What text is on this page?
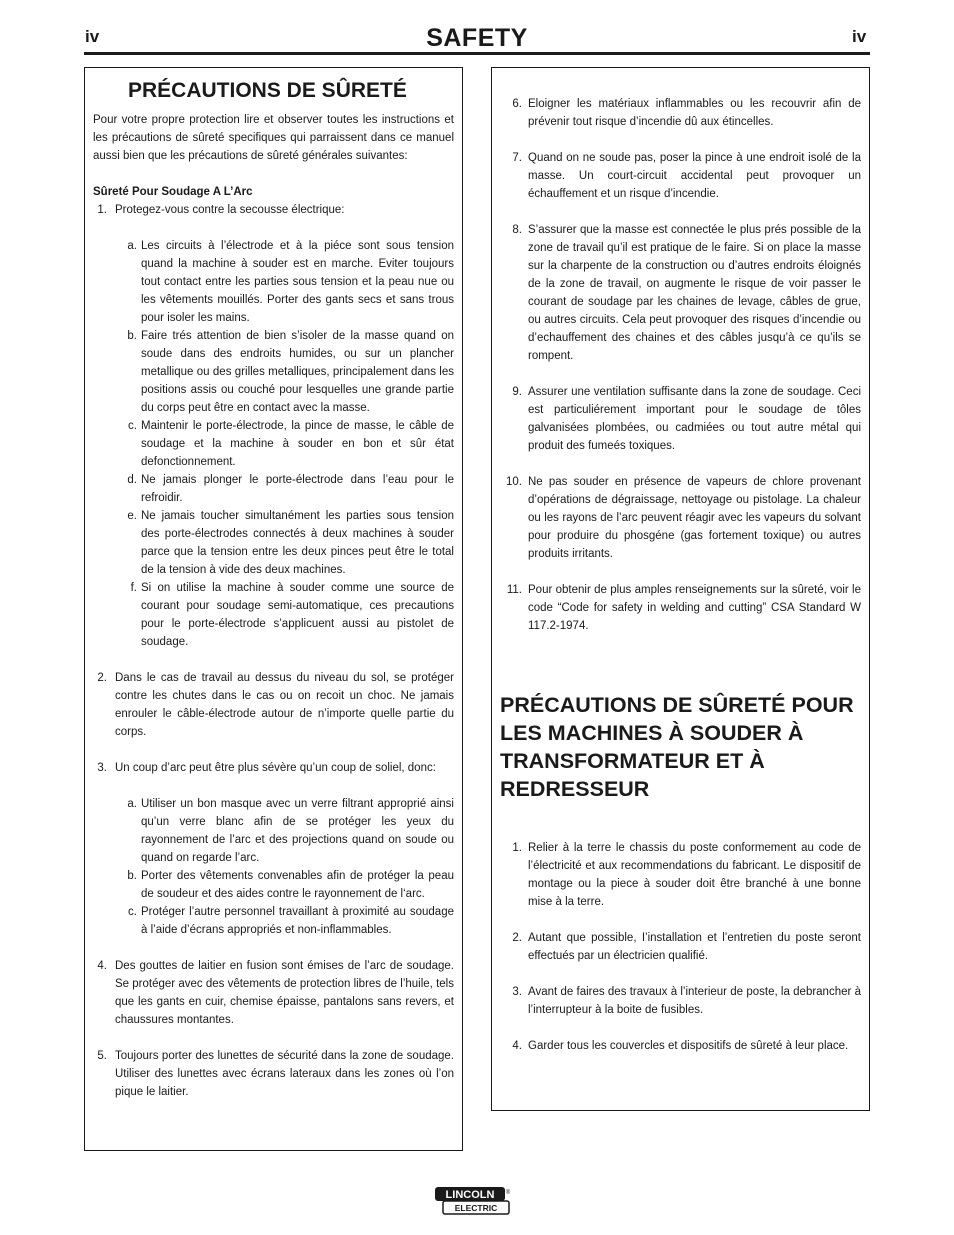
iv	SAFETY	iv
PRÉCAUTIONS DE SÛRETÉ

Pour votre propre protection lire et observer toutes les instructions et les précautions de sûreté specifiques qui parraissent dans ce manuel aussi bien que les précautions de sûreté générales suivantes:

Sûreté Pour Soudage A L’Arc
1. Protegez-vous contre la secousse électrique:
a. Les circuits à l’électrode et à la piéce sont sous tension quand la machine à souder est en marche. Eviter toujours tout contact entre les parties sous tension et la peau nue ou les vêtements mouillés. Porter des gants secs et sans trous pour isoler les mains.
b. Faire trés attention de bien s’isoler de la masse quand on soude dans des endroits humides, ou sur un plancher metallique ou des grilles metalliques, principalement dans les positions assis ou couché pour lesquelles une grande partie du corps peut être en contact avec la masse.
c. Maintenir le porte-électrode, la pince de masse, le câble de soudage et la machine à souder en bon et sûr état defonctionnement.
d. Ne jamais plonger le porte-électrode dans l’eau pour le refroidir.
e. Ne jamais toucher simultanément les parties sous tension des porte-électrodes connectés à deux machines à souder parce que la tension entre les deux pinces peut être le total de la tension à vide des deux machines.
f. Si on utilise la machine à souder comme une source de courant pour soudage semi-automatique, ces precautions pour le porte-électrode s’applicuent aussi au pistolet de soudage.
2. Dans le cas de travail au dessus du niveau du sol, se protéger contre les chutes dans le cas ou on recoit un choc. Ne jamais enrouler le câble-électrode autour de n’importe quelle partie du corps.
3. Un coup d’arc peut être plus sévère qu’un coup de soliel, donc:
a. Utiliser un bon masque avec un verre filtrant approprié ainsi qu’un verre blanc afin de se protéger les yeux du rayonnement de l’arc et des projections quand on soude ou quand on regarde l’arc.
b. Porter des vêtements convenables afin de protéger la peau de soudeur et des aides contre le rayonnement de l‘arc.
c. Protéger l’autre personnel travaillant à proximité au soudage à l’aide d’écrans appropriés et non-inflammables.
4. Des gouttes de laitier en fusion sont émises de l’arc de soudage. Se protéger avec des vêtements de protection libres de l’huile, tels que les gants en cuir, chemise épaisse, pantalons sans revers, et chaussures montantes.
5. Toujours porter des lunettes de sécurité dans la zone de soudage. Utiliser des lunettes avec écrans lateraux dans les zones où l’on pique le laitier.
6. Eloigner les matériaux inflammables ou les recouvrir afin de prévenir tout risque d’incendie dû aux étincelles.
7. Quand on ne soude pas, poser la pince à une endroit isolé de la masse. Un court-circuit accidental peut provoquer un échauffement et un risque d’incendie.
8. S’assurer que la masse est connectée le plus prés possible de la zone de travail qu’il est pratique de le faire. Si on place la masse sur la charpente de la construction ou d’autres endroits éloignés de la zone de travail, on augmente le risque de voir passer le courant de soudage par les chaines de levage, câbles de grue, ou autres circuits. Cela peut provoquer des risques d’incendie ou d’echauffement des chaines et des câbles jusqu’à ce qu’ils se rompent.
9. Assurer une ventilation suffisante dans la zone de soudage. Ceci est particuliérement important pour le soudage de tôles galvanisées plombées, ou cadmiées ou tout autre métal qui produit des fumeés toxiques.
10. Ne pas souder en présence de vapeurs de chlore provenant d’opérations de dégraissage, nettoyage ou pistolage. La chaleur ou les rayons de l’arc peuvent réagir avec les vapeurs du solvant pour produire du phosgéne (gas fortement toxique) ou autres produits irritants.
11. Pour obtenir de plus amples renseignements sur la sûreté, voir le code “Code for safety in welding and cutting” CSA Standard W 117.2-1974.
PRÉCAUTIONS DE SÛRETÉ POUR LES MACHINES À SOUDER À TRANSFORMATEUR ET À REDRESSEUR
1. Relier à la terre le chassis du poste conformement au code de l’électricité et aux recommendations du fabricant. Le dispositif de montage ou la piece à souder doit être branché à une bonne mise à la terre.
2. Autant que possible, I’installation et l’entretien du poste seront effectués par un électricien qualifié.
3. Avant de faires des travaux à l’interieur de poste, la debrancher à l’interrupteur à la boite de fusibles.
4. Garder tous les couvercles et dispositifs de sûreté à leur place.
LINCOLN ®
ELECTRIC
